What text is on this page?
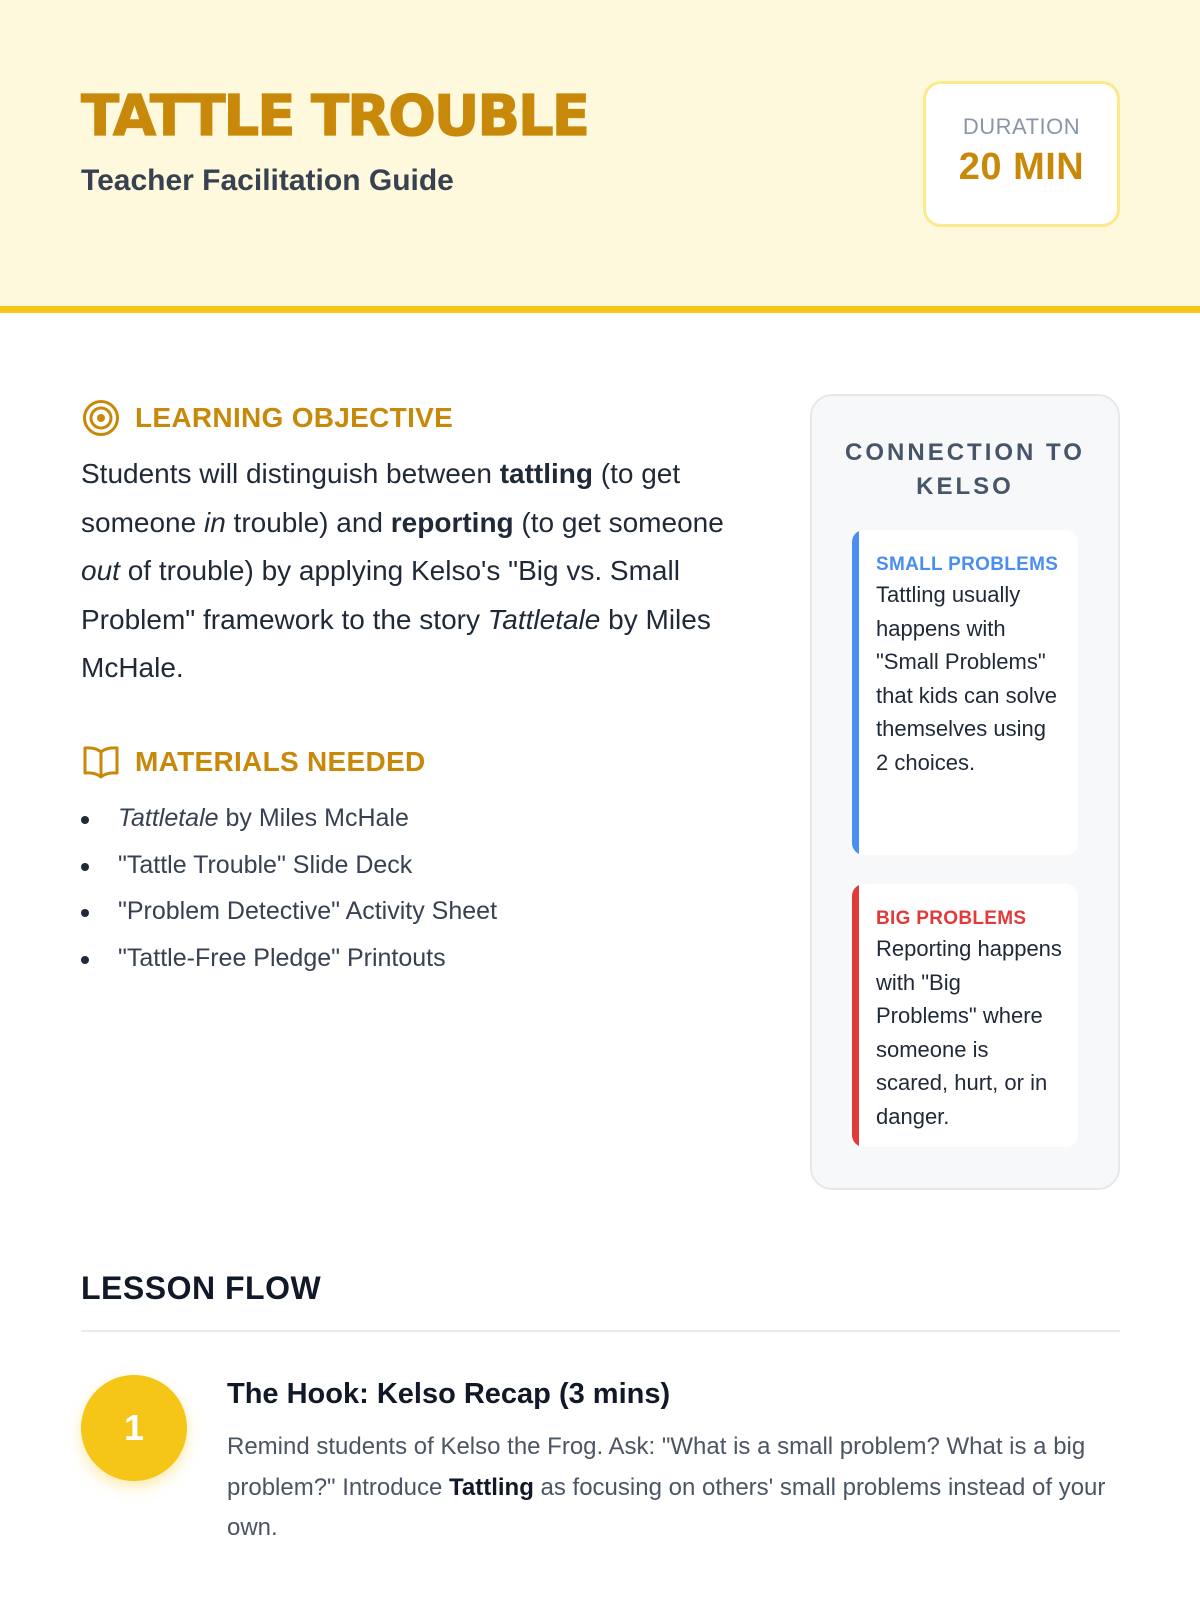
TATTLE TROUBLE
Teacher Facilitation Guide
DURATION
20 MIN
LEARNING OBJECTIVE

Students will distinguish between tattling (to get someone in trouble) and reporting (to get someone out of trouble) by applying Kelso's "Big vs. Small Problem" framework to the story Tattletale by Miles McHale.

MATERIALS NEEDED
Tattletale by Miles McHale
"Tattle Trouble" Slide Deck
"Problem Detective" Activity Sheet
"Tattle-Free Pledge" Printouts
CONNECTION TO KELSO
SMALL PROBLEMS
Tattling usually happens with "Small Problems" that kids can solve themselves using 2 choices.
BIG PROBLEMS
Reporting happens with "Big Problems" where someone is scared, hurt, or in danger.
LESSON FLOW
1
The Hook: Kelso Recap (3 mins)

Remind students of Kelso the Frog. Ask: "What is a small problem? What is a big problem?" Introduce Tattling as focusing on others' small problems instead of your own.
